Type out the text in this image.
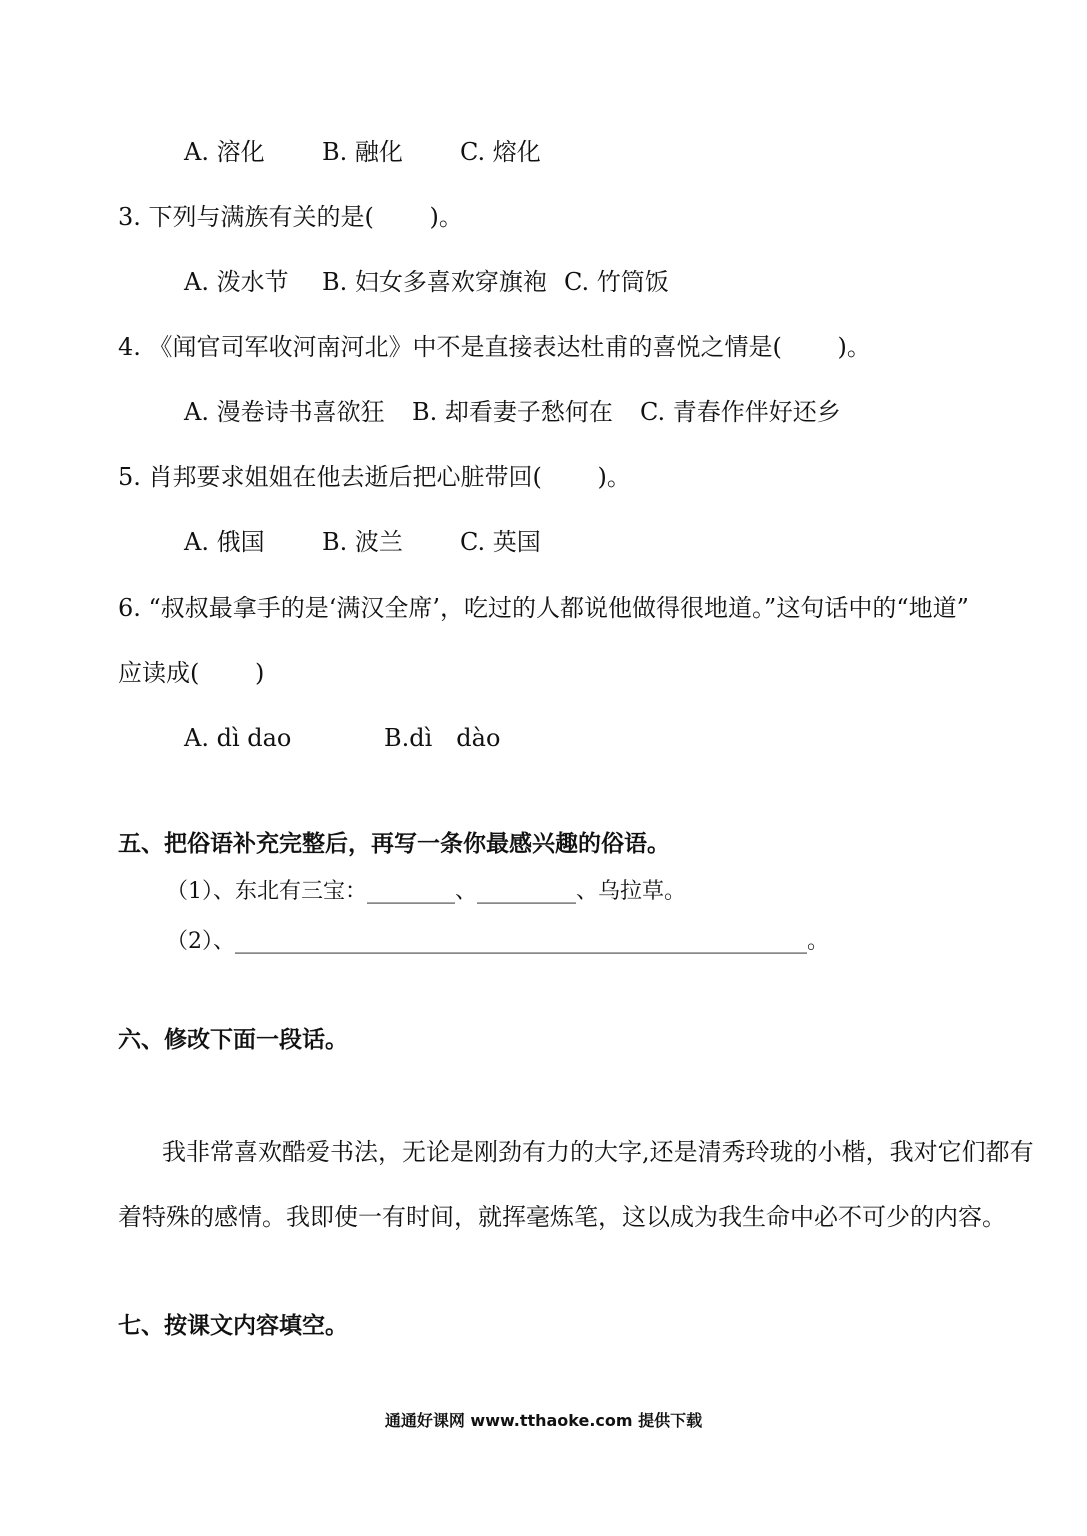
A. 溶化 B. 融化 C. 熔化
3. 下列与满族有关的是(　　 )。
A. 泼水节 B. 妇女多喜欢穿旗袍 C. 竹筒饭
4. 《闻官司军收河南河北》中不是直接表达杜甫的喜悦之情是(　　 )。
A. 漫卷诗书喜欲狂 B. 却看妻子愁何在 C. 青春作伴好还乡
5. 肖邦要求姐姐在他去逝后把心脏带回(　　 )。
A. 俄国 B. 波兰 C. 英国
6. “叔叔最拿手的是‘满汉全席’，吃过的人都说他做得很地道。”这句话中的“地道”
应读成(　　 )
A. dì dao	B.dì　dào
五、把俗语补充完整后，再写一条你最感兴趣的俗语。
（1）、东北有三宝：________、_________、乌拉草。
（2）、____________________________________________________。
六、修改下面一段话。
我非常喜欢酷爱书法，无论是刚劲有力的大字,还是清秀玲珑的小楷，我对它们都有
着特殊的感情。我即使一有时间，就挥毫炼笔，这以成为我生命中必不可少的内容。
七、按课文内容填空。
通通好课网 www.tthaoke.com 提供下载
